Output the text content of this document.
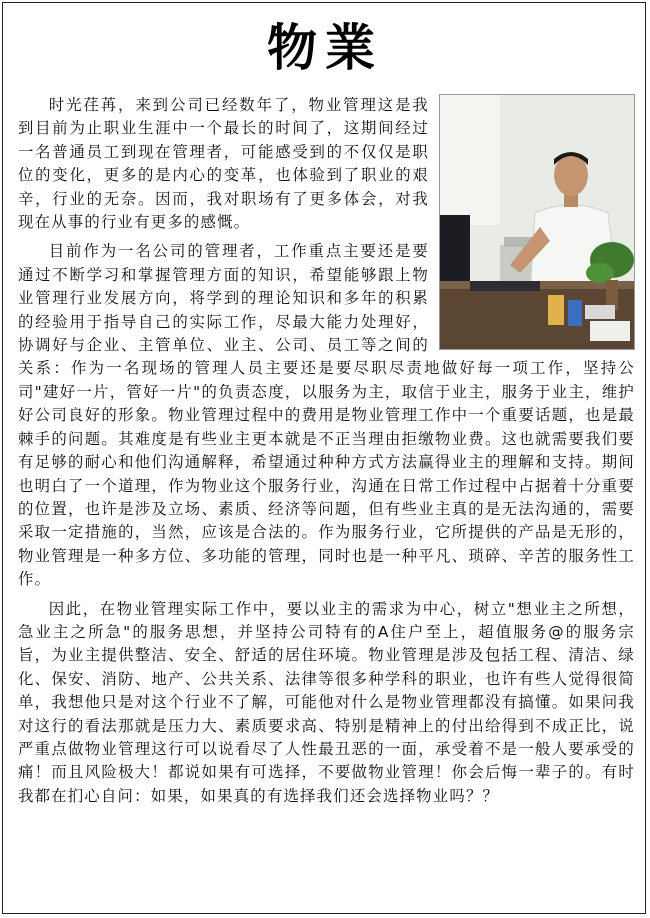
物業

时光荏苒，来到公司已经数年了，物业管理这是我到目前为止职业生涯中一个最长的时间了，这期间经过一名普通员工到现在管理者，可能感受到的不仅仅是职位的变化，更多的是内心的变革，也体验到了职业的艰辛，行业的无奈。因而，我对职场有了更多体会，对我现在从事的行业有更多的感慨。

目前作为一名公司的管理者，工作重点主要还是要通过不断学习和掌握管理方面的知识，希望能够跟上物业管理行业发展方向，将学到的理论知识和多年的积累的经验用于指导自己的实际工作，尽最大能力处理好，协调好与企业、主管单位、业主、公司、员工等之间的关系：作为一名现场的管理人员主要还是要尽职尽责地做好每一项工作，坚持公司"建好一片，管好一片"的负责态度，以服务为主，取信于业主，服务于业主，维护好公司良好的形象。物业管理过程中的费用是物业管理工作中一个重要话题，也是最棘手的问题。其难度是有些业主更本就是不正当理由拒缴物业费。这也就需要我们要有足够的耐心和他们沟通解释，希望通过种种方式方法赢得业主的理解和支持。期间也明白了一个道理，作为物业这个服务行业，沟通在日常工作过程中占据着十分重要的位置，也许是涉及立场、素质、经济等问题，但有些业主真的是无法沟通的，需要采取一定措施的，当然，应该是合法的。作为服务行业，它所提供的产品是无形的，物业管理是一种多方位、多功能的管理，同时也是一种平凡、琐碎、辛苦的服务性工作。

因此，在物业管理实际工作中，要以业主的需求为中心，树立"想业主之所想，急业主之所急"的服务思想，并坚持公司特有的A住户至上，超值服务@的服务宗旨，为业主提供整洁、安全、舒适的居住环境。物业管理是涉及包括工程、清洁、绿化、保安、消防、地产、公共关系、法律等很多种学科的职业，也许有些人觉得很简单，我想他只是对这个行业不了解，可能他对什么是物业管理都没有搞懂。如果问我对这行的看法那就是压力大、素质要求高、特别是精神上的付出给得到不成正比，说严重点做物业管理这行可以说看尽了人性最丑恶的一面，承受着不是一般人要承受的痛！而且风险极大！都说如果有可选择，不要做物业管理！你会后悔一辈子的。有时我都在扪心自问：如果，如果真的有选择我们还会选择物业吗？？
